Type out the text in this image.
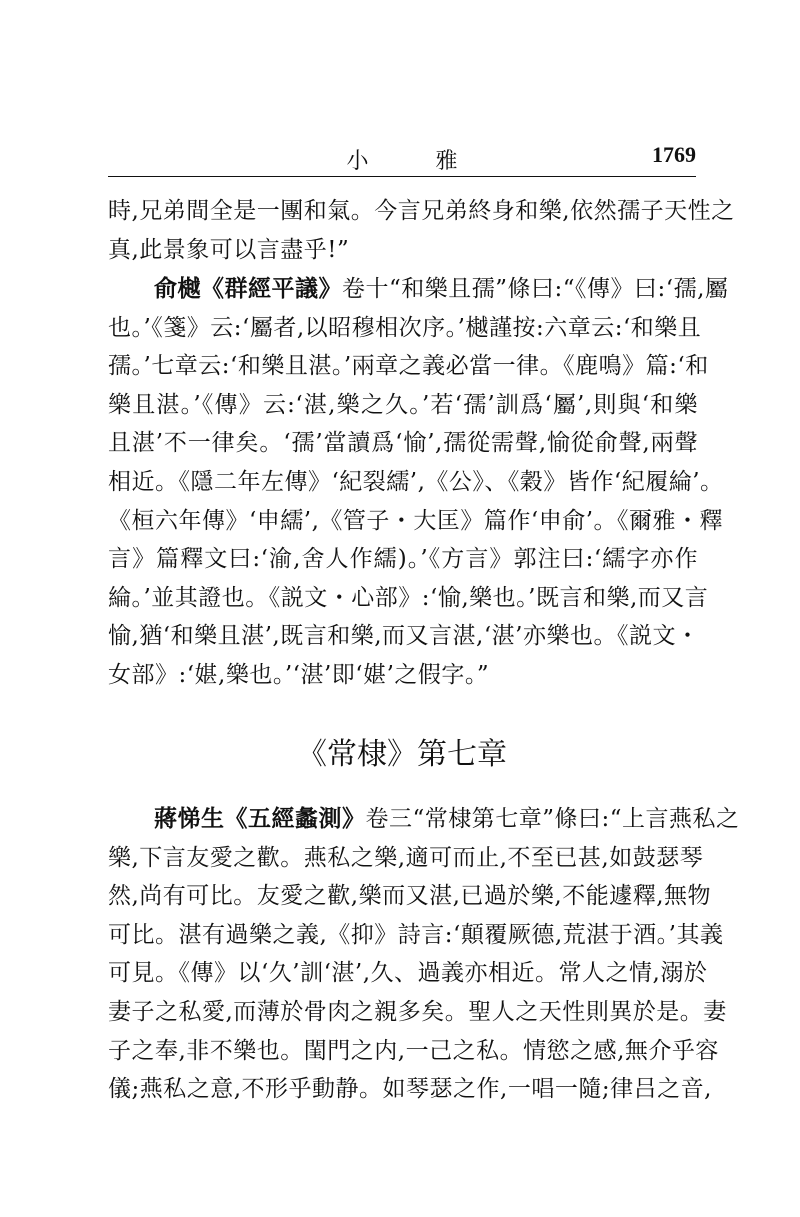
小 雅	1769
時,兄弟間全是一團和氣。今言兄弟終身和樂,依然孺子天性之
真,此景象可以言盡乎!”
俞樾《群經平議》卷十“和樂且孺”條曰:“《傳》曰:‘孺,屬
也。’《箋》云:‘屬者,以昭穆相次序。’樾謹按:六章云:‘和樂且
孺。’七章云:‘和樂且湛。’兩章之義必當一律。《鹿鳴》篇:‘和
樂且湛。’《傳》云:‘湛,樂之久。’若‘孺’訓爲‘屬’,則與‘和樂
且湛’不一律矣。‘孺’當讀爲‘愉’,孺從需聲,愉從俞聲,兩聲
相近。《隱二年左傳》‘紀裂繻’,《公》、《穀》皆作‘紀履綸’。
《桓六年傳》‘申繻’,《管子・大匡》篇作‘申俞’。《爾雅・釋
言》篇釋文曰:‘渝,舍人作繻)。’《方言》郭注曰:‘繻字亦作
綸。’並其證也。《説文・心部》:‘愉,樂也。’既言和樂,而又言
愉,猶‘和樂且湛’,既言和樂,而又言湛,‘湛’亦樂也。《説文・
女部》:‘媅,樂也。’‘湛’即‘媅’之假字。”
《常棣》第七章
蔣悌生《五經蠡測》卷三“常棣第七章”條曰:“上言燕私之
樂,下言友愛之歡。燕私之樂,適可而止,不至已甚,如鼓瑟琴
然,尚有可比。友愛之歡,樂而又湛,已過於樂,不能遽釋,無物
可比。湛有過樂之義,《抑》詩言:‘顛覆厥德,荒湛于酒。’其義
可見。《傳》以‘久’訓‘湛’,久、過義亦相近。常人之情,溺於
妻子之私愛,而薄於骨肉之親多矣。聖人之天性則異於是。妻
子之奉,非不樂也。閨門之内,一己之私。情慾之感,無介乎容
儀;燕私之意,不形乎動静。如琴瑟之作,一唱一隨;律吕之音,
